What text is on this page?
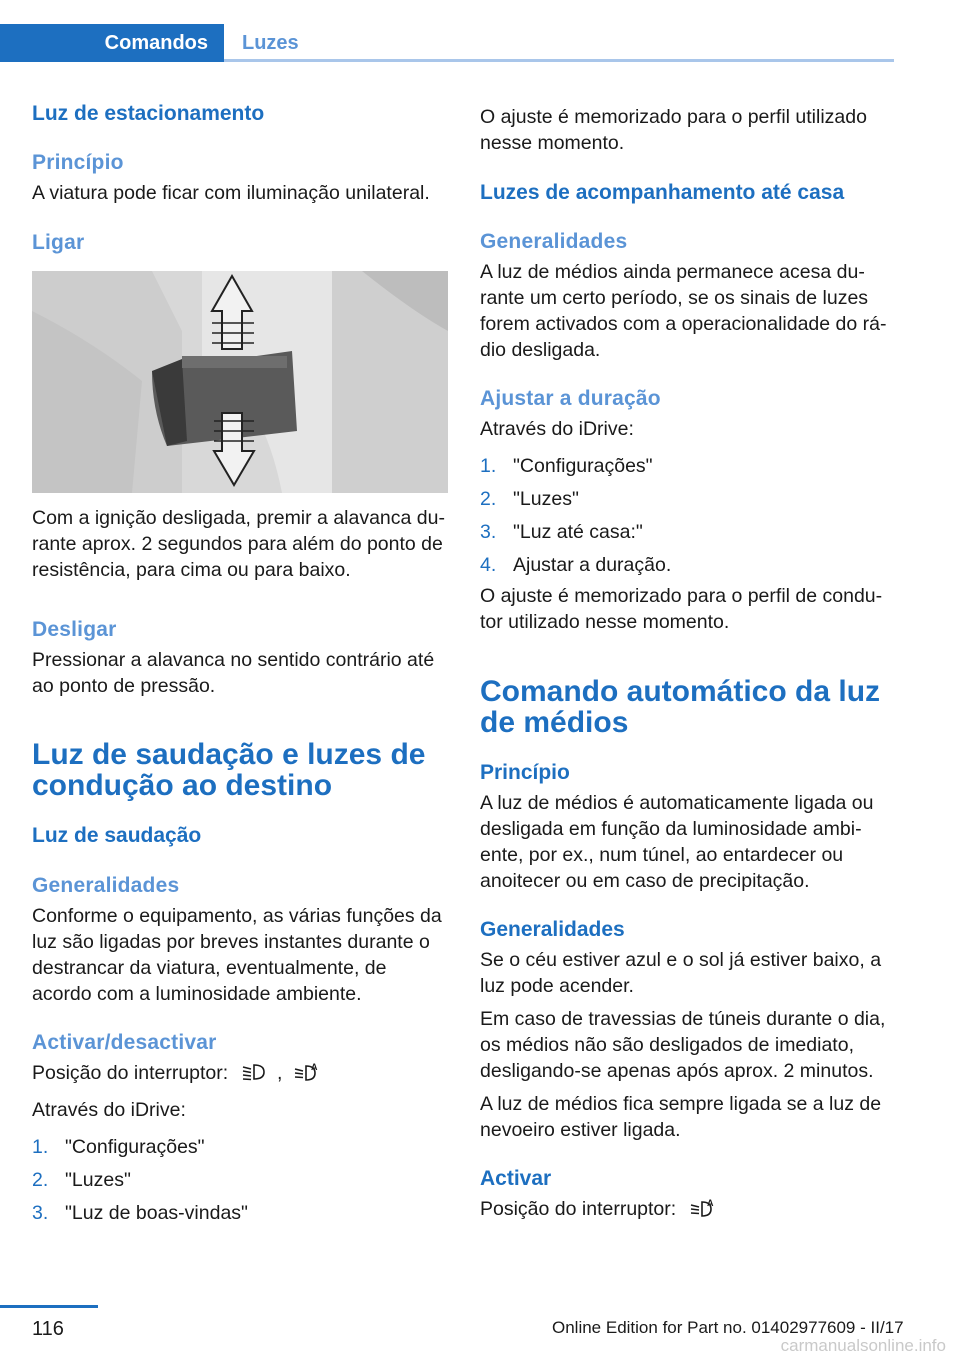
Comandos	Luzes
Luz de estacionamento
Princípio

A viatura pode ficar com iluminação unilateral.

Ligar

Com a ignição desligada, premir a alavanca du‐ rante aprox. 2 segundos para além do ponto de resistência, para cima ou para baixo.

Desligar

Pressionar a alavanca no sentido contrário até ao ponto de pressão.

Luz de saudação e luzes de condução ao destino
Luz de saudação
Generalidades

Conforme o equipamento, as várias funções da luz são ligadas por breves instantes durante o destrancar da viatura, eventualmente, de acordo com a luminosidade ambiente.

Activar/desactivar

Posição do interruptor:	,	A

Através do iDrive:

1. "Configurações"
2. "Luzes"
3. "Luz de boas-vindas"

O ajuste é memorizado para o perfil utilizado nesse momento.

Luzes de acompanhamento até casa
Generalidades

A luz de médios ainda permanece acesa du‐ rante um certo período, se os sinais de luzes forem activados com a operacionalidade do rá‐ dio desligada.

Ajustar a duração

Através do iDrive:

1. "Configurações"
2. "Luzes"
3. "Luz até casa:"
4. Ajustar a duração.

O ajuste é memorizado para o perfil de condu‐ tor utilizado nesse momento.

Comando automático da luz de médios
Princípio

A luz de médios é automaticamente ligada ou desligada em função da luminosidade ambi‐ ente, por ex., num túnel, ao entardecer ou anoitecer ou em caso de precipitação.

Generalidades

Se o céu estiver azul e o sol já estiver baixo, a luz pode acender.

Em caso de travessias de túneis durante o dia, os médios não são desligados de imediato, desligando-se apenas após aprox. 2 minutos.

A luz de médios fica sempre ligada se a luz de nevoeiro estiver ligada.

Activar

Posição do interruptor:	A

116	Online Edition for Part no. 01402977609 - II/17
carmanualsonline.info
